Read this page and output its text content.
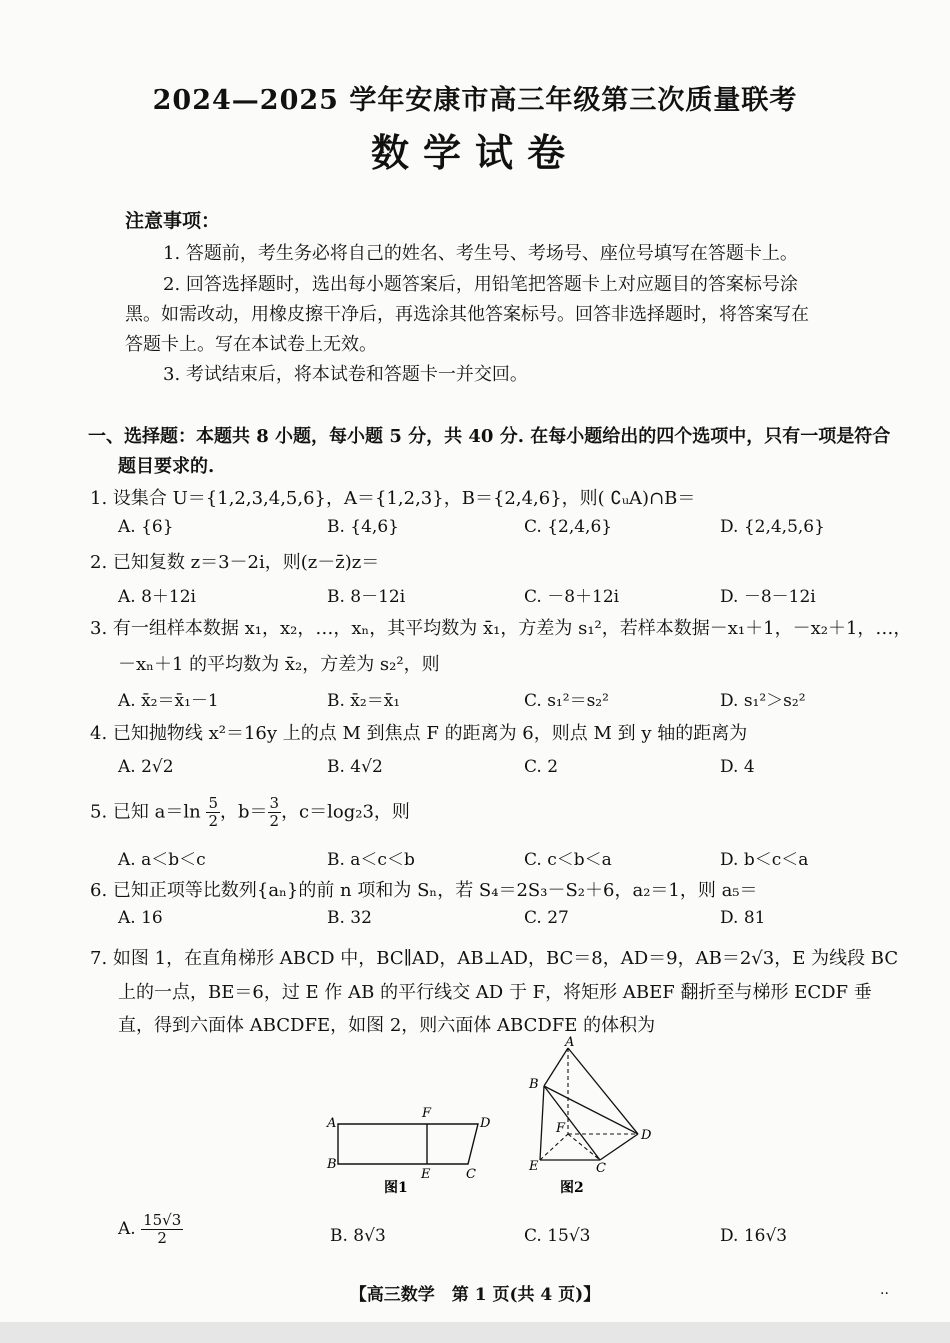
2024—2025 学年安康市高三年级第三次质量联考
数学试卷
注意事项：
1. 答题前，考生务必将自己的姓名、考生号、考场号、座位号填写在答题卡上。
2. 回答选择题时，选出每小题答案后，用铅笔把答题卡上对应题目的答案标号涂
黑。如需改动，用橡皮擦干净后，再选涂其他答案标号。回答非选择题时，将答案写在
答题卡上。写在本试卷上无效。
3. 考试结束后，将本试卷和答题卡一并交回。
一、选择题：本题共 8 小题，每小题 5 分，共 40 分. 在每小题给出的四个选项中，只有一项是符合
题目要求的.
1. 设集合 U＝{1,2,3,4,5,6}，A＝{1,2,3}，B＝{2,4,6}，则( ∁ᵤA)∩B＝
A. {6}	B. {4,6}	C. {2,4,6}	D. {2,4,5,6}
2. 已知复数 z＝3－2i，则(z－z̄)z＝
A. 8＋12i	B. 8－12i	C. －8＋12i	D. －8－12i
3. 有一组样本数据 x₁，x₂，…，xₙ，其平均数为 x̄₁，方差为 s₁²，若样本数据－x₁＋1，－x₂＋1，…，
－xₙ＋1 的平均数为 x̄₂，方差为 s₂²，则
A. x̄₂＝x̄₁－1	B. x̄₂＝x̄₁	C. s₁²＝s₂²	D. s₁²＞s₂²
4. 已知抛物线 x²＝16y 上的点 M 到焦点 F 的距离为 6，则点 M 到 y 轴的距离为
A. 2√2	B. 4√2	C. 2	D. 4
5. 已知 $a=\ln \frac{5}{2}$ ，$b= \frac{3}{2}$ ，c＝log₂3，则
A. a＜b＜c	B. a＜c＜b	C. c＜b＜a	D. b＜c＜a
6. 已知正项等比数列{aₙ}的前 n 项和为 Sₙ，若 S₄＝2S₃－S₂＋6，a₂＝1，则 a₅＝
A. 16	B. 32	C. 27	D. 81
7. 如图 1，在直角梯形 ABCD 中，BC∥AD，AB⊥AD，BC＝8，AD＝9，AB＝2√3，E 为线段 BC
上的一点，BE＝6，过 E 作 AB 的平行线交 AD 于 F，将矩形 ABEF 翻折至与梯形 ECDF 垂
直，得到六面体 ABCDFE，如图 2，则六面体 ABCDFE 的体积为
A
B
F
E
D
C
图1
A
B
F	D
E	C
图2
A. $\frac{15√3}{2}$	B. 8√3	C. 15√3	D. 16√3
【高三数学　第 1 页(共 4 页)】	..
